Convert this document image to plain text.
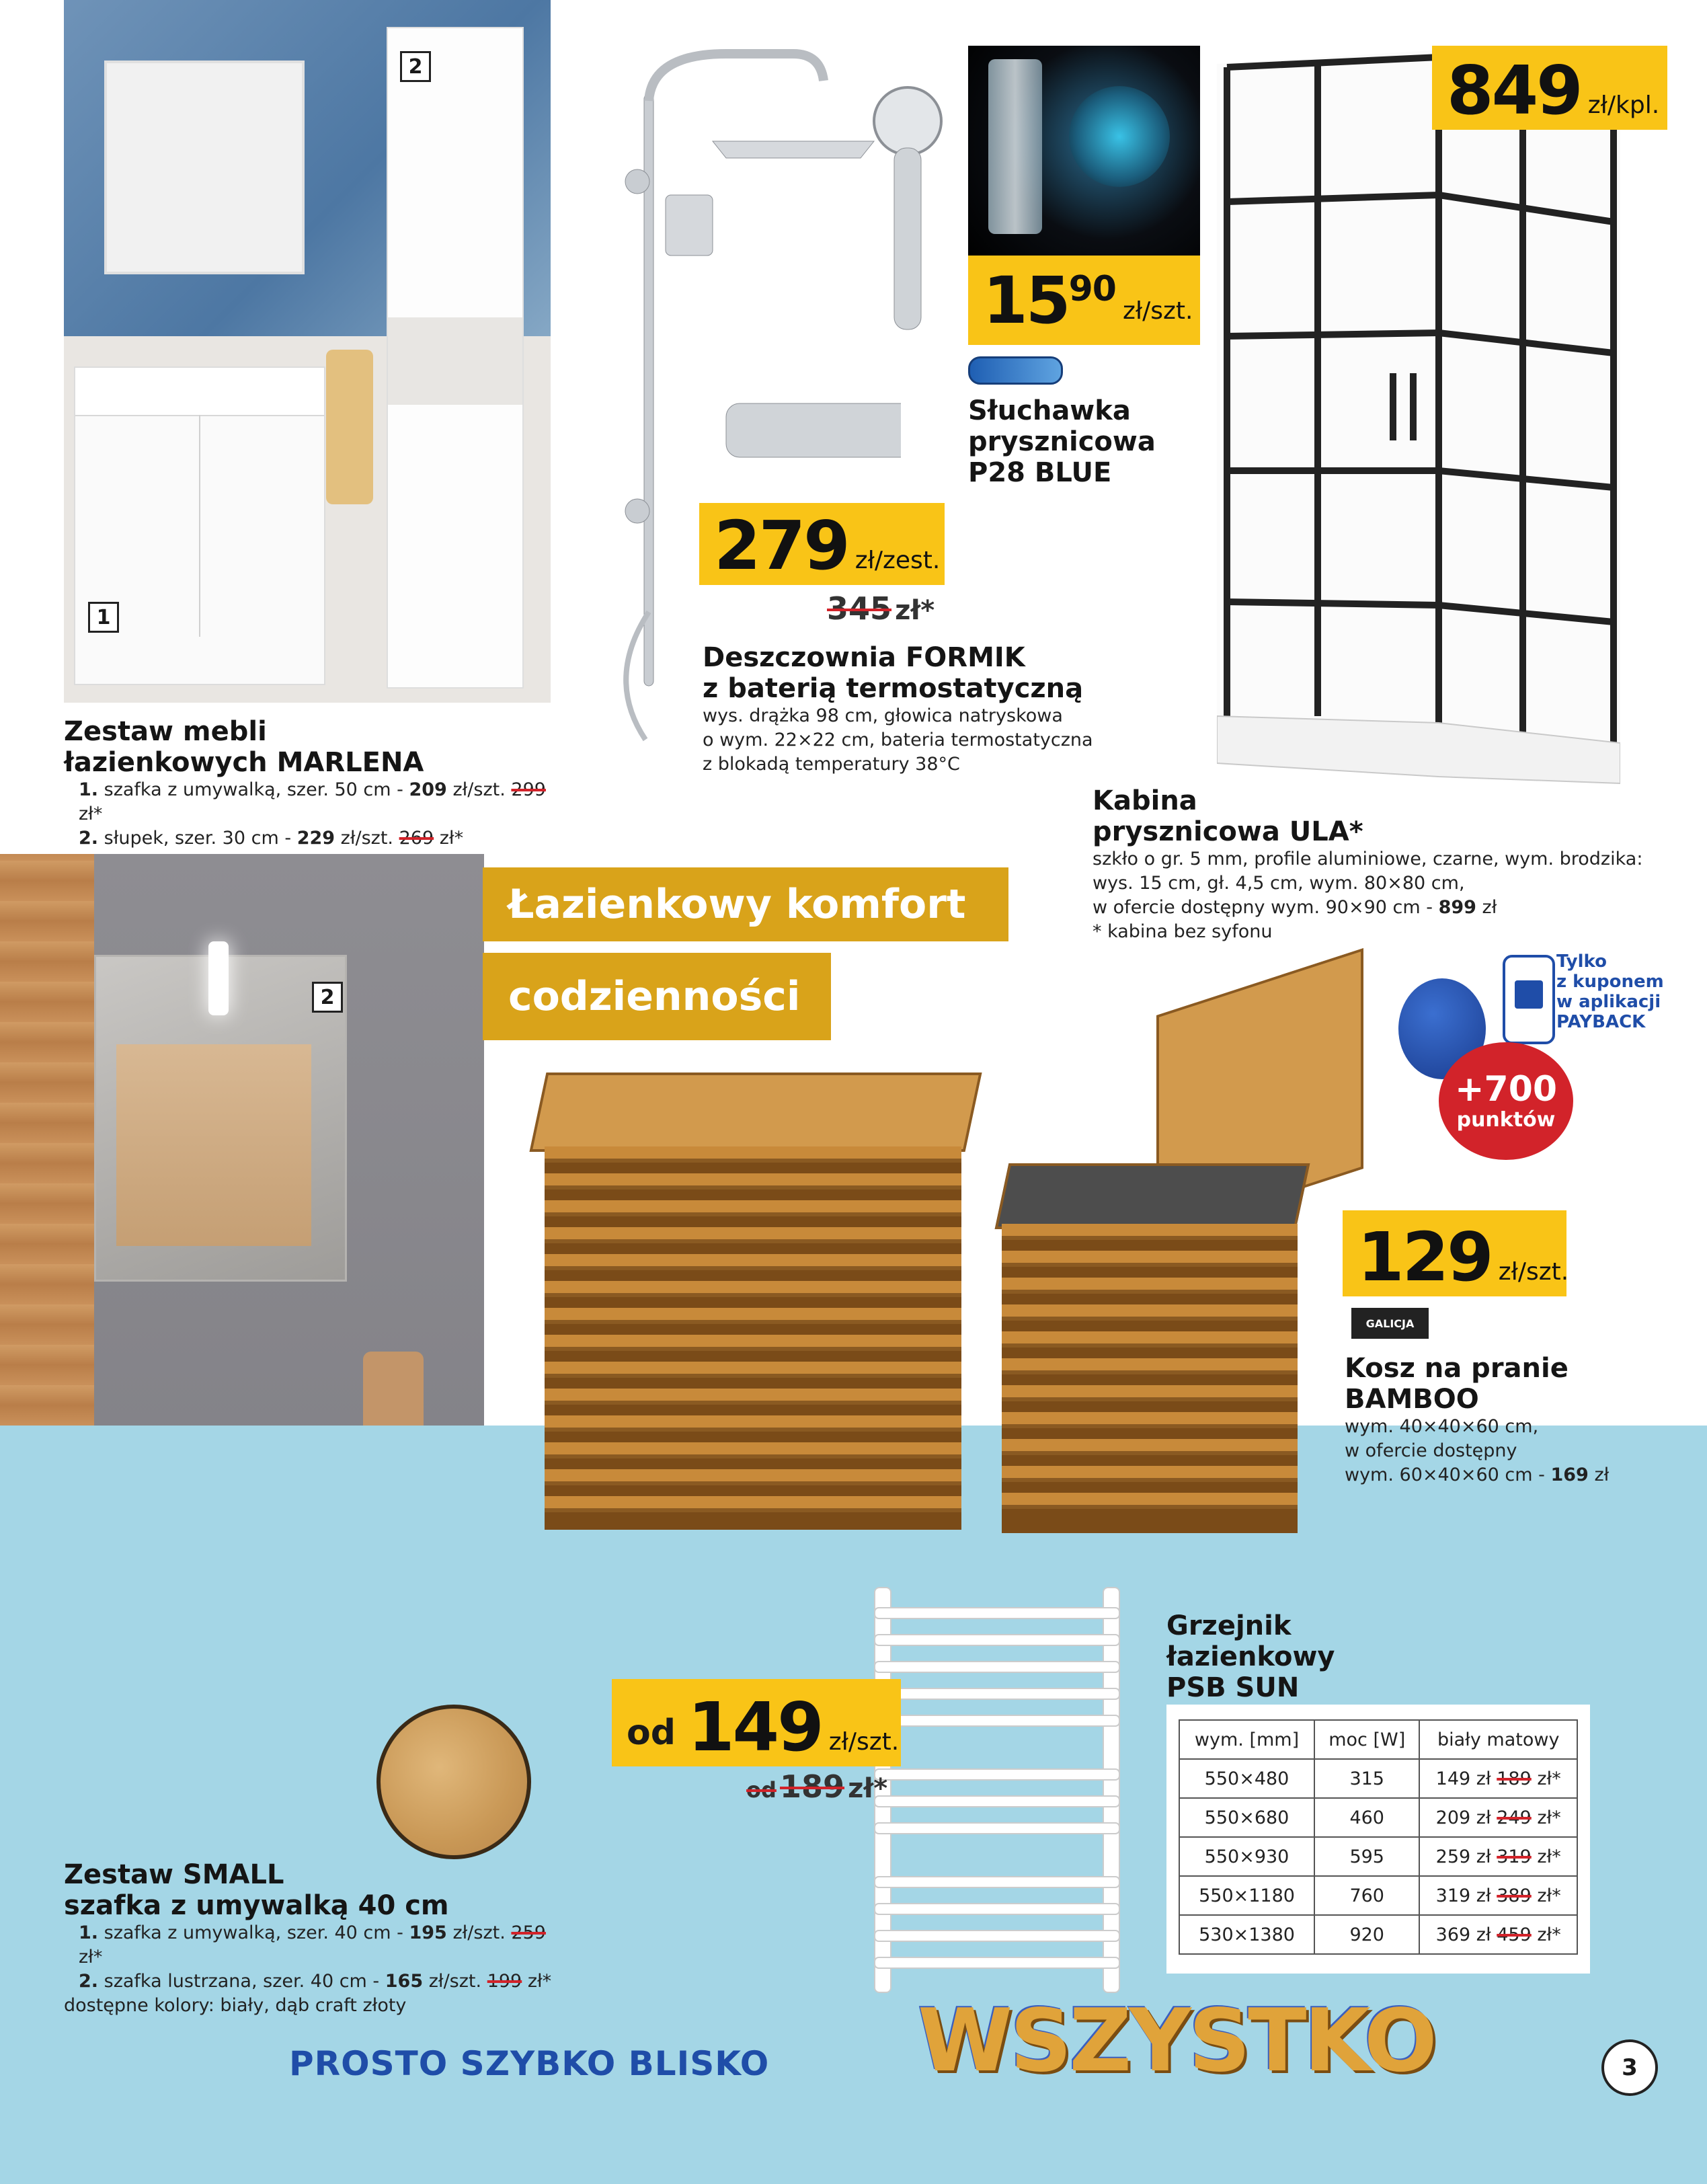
1
2
Zestaw mebli
łazienkowych MARLENA
1. szafka z umywalką, szer. 50 cm - 209 zł/szt. 299 zł*
2. słupek, szer. 30 cm - 229 zł/szt. 269 zł*
279 zł/zest.
345 zł*
Deszczownia FORMIK
z baterią termostatyczną
wys. drążka 98 cm, głowica natryskowa
o wym. 22×22 cm, bateria termostatyczna
z blokadą temperatury 38°C
15 90
zł/szt.
Słuchawka
prysznicowa
P28 BLUE
849 zł/kpl.
Kabina
prysznicowa ULA*
szkło o gr. 5 mm, profile aluminiowe, czarne, wym. brodzika:
wys. 15 cm, gł. 4,5 cm, wym. 80×80 cm,
w ofercie dostępny wym. 90×90 cm - 899 zł
* kabina bez syfonu
2
Zestaw SMALL
szafka z umywalką 40 cm
1. szafka z umywalką, szer. 40 cm - 195 zł/szt. 259 zł*
2. szafka lustrzana, szer. 40 cm - 165 zł/szt. 199 zł*
dostępne kolory: biały, dąb craft złoty
Łazienkowy komfort
codzienności
Tylko
z kuponem
w aplikacji
PAYBACK
+700
punktów
129 zł/szt.
GALICJA
Kosz na pranie
BAMBOO
wym. 40×40×60 cm,
w ofercie dostępny
wym. 60×40×60 cm - 169 zł
od 149 zł/szt.
od 189 zł*
Grzejnik
łazienkowy
PSB SUN
wym. [mm]	moc [W]	biały matowy
550×480	315	149 zł 189 zł*
550×680	460	209 zł 249 zł*
550×930	595	259 zł 319 zł*
550×1180	760	319 zł 389 zł*
530×1380	920	369 zł 459 zł*
PROSTO SZYBKO BLISKO WSZYSTKO	3
